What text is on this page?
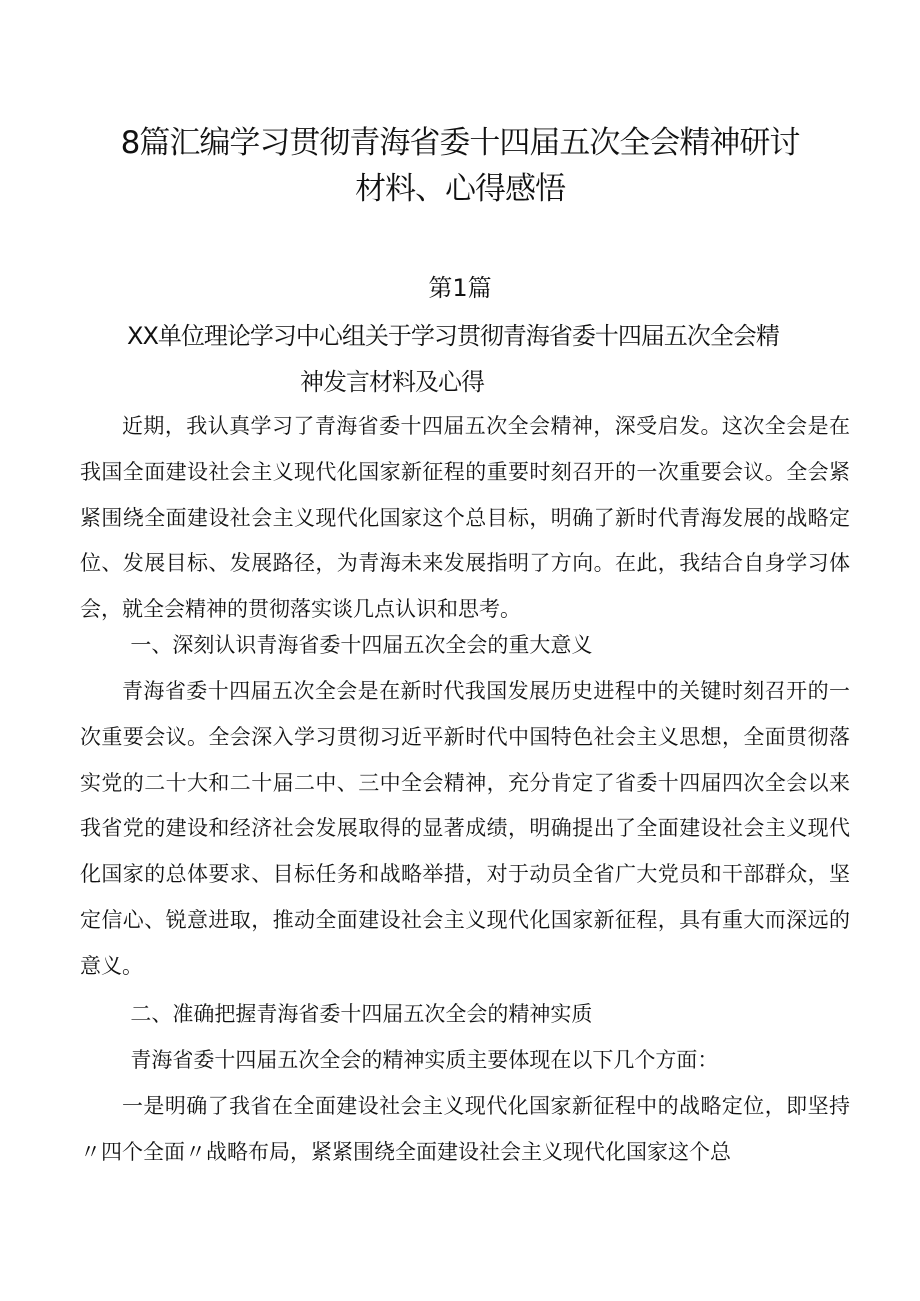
8篇汇编学习贯彻青海省委十四届五次全会精神研讨
材料、心得感悟
第1篇
XX单位理论学习中心组关于学习贯彻青海省委十四届五次全会精
神发言材料及心得

近期，我认真学习了青海省委十四届五次全会精神，深受启发。这次全会是在我国全面建设社会主义现代化国家新征程的重要时刻召开的一次重要会议。全会紧紧围绕全面建设社会主义现代化国家这个总目标，明确了新时代青海发展的战略定位、发展目标、发展路径，为青海未来发展指明了方向。在此，我结合自身学习体会，就全会精神的贯彻落实谈几点认识和思考。

一、深刻认识青海省委十四届五次全会的重大意义

青海省委十四届五次全会是在新时代我国发展历史进程中的关键时刻召开的一次重要会议。全会深入学习贯彻习近平新时代中国特色社会主义思想，全面贯彻落实党的二十大和二十届二中、三中全会精神，充分肯定了省委十四届四次全会以来我省党的建设和经济社会发展取得的显著成绩，明确提出了全面建设社会主义现代化国家的总体要求、目标任务和战略举措，对于动员全省广大党员和干部群众，坚定信心、锐意进取，推动全面建设社会主义现代化国家新征程，具有重大而深远的意义。

二、准确把握青海省委十四届五次全会的精神实质

青海省委十四届五次全会的精神实质主要体现在以下几个方面：

一是明确了我省在全面建设社会主义现代化国家新征程中的战略定位，即坚持〃四个全面〃战略布局，紧紧围绕全面建设社会主义现代化国家这个总
